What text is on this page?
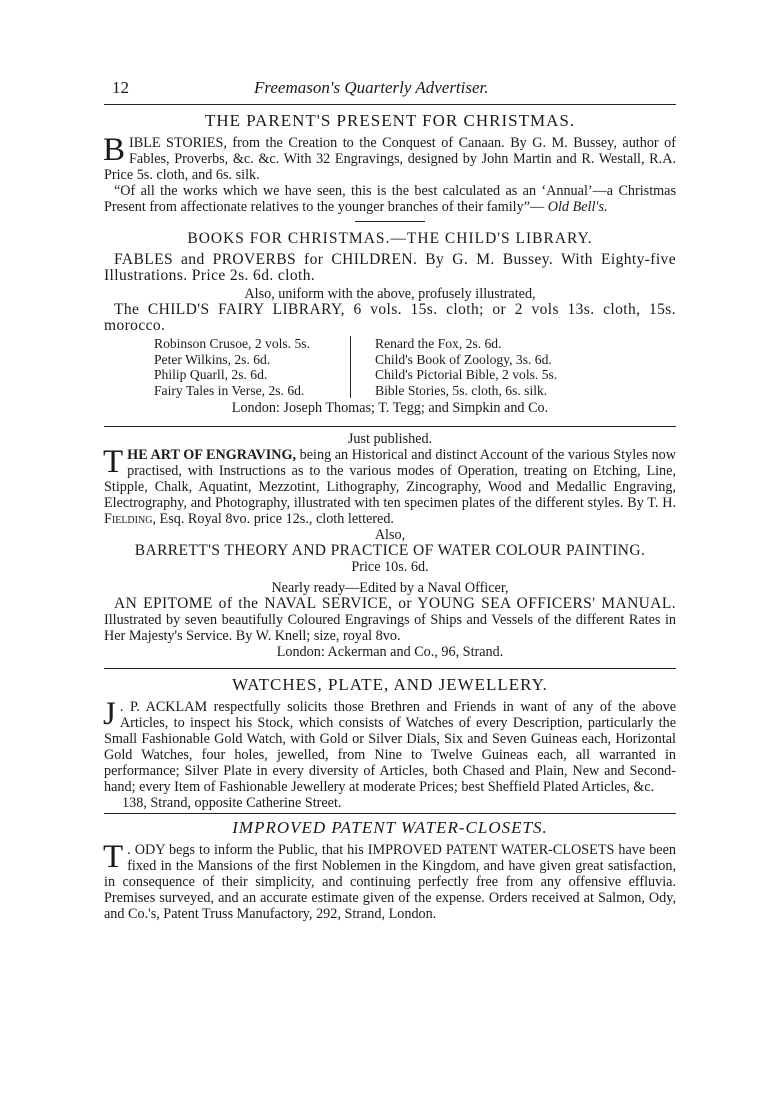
12	Freemason's Quarterly Advertiser.
THE PARENT'S PRESENT FOR CHRISTMAS.

BIBLE STORIES, from the Creation to the Conquest of Canaan. By G. M. Bussey, author of Fables, Proverbs, &c. &c. With 32 Engravings, designed by John Martin and R. Westall, R.A. Price 5s. cloth, and 6s. silk.

“Of all the works which we have seen, this is the best calculated as an ‘Annual’—a Christmas Present from affectionate relatives to the younger branches of their family”— Old Bell's.

BOOKS FOR CHRISTMAS.—THE CHILD'S LIBRARY.

FABLES and PROVERBS for CHILDREN. By G. M. Bussey. With Eighty-five Illustrations. Price 2s. 6d. cloth.

Also, uniform with the above, profusely illustrated,

The CHILD'S FAIRY LIBRARY, 6 vols. 15s. cloth; or 2 vols 13s. cloth, 15s. morocco.

Robinson Crusoe, 2 vols. 5s.
Peter Wilkins, 2s. 6d.
Philip Quarll, 2s. 6d.
Fairy Tales in Verse, 2s. 6d.
Renard the Fox, 2s. 6d.
Child's Book of Zoology, 3s. 6d.
Child's Pictorial Bible, 2 vols. 5s.
Bible Stories, 5s. cloth, 6s. silk.

London: Joseph Thomas; T. Tegg; and Simpkin and Co.

Just published.

THE ART OF ENGRAVING, being an Historical and distinct Account of the various Styles now practised, with Instructions as to the various modes of Operation, treating on Etching, Line, Stipple, Chalk, Aquatint, Mezzotint, Lithography, Zincography, Wood and Medallic Engraving, Electrography, and Photography, illustrated with ten specimen plates of the different styles. By T. H. Fielding, Esq. Royal 8vo. price 12s., cloth lettered.

Also,

BARRETT'S THEORY AND PRACTICE OF WATER COLOUR PAINTING.

Price 10s. 6d.

Nearly ready—Edited by a Naval Officer,

AN EPITOME of the NAVAL SERVICE, or YOUNG SEA OFFICERS' MANUAL. Illustrated by seven beautifully Coloured Engravings of Ships and Vessels of the different Rates in Her Majesty's Service. By W. Knell; size, royal 8vo.

London: Ackerman and Co., 96, Strand.

WATCHES, PLATE, AND JEWELLERY.

J . P. ACKLAM respectfully solicits those Brethren and Friends in want of any of the above Articles, to inspect his Stock, which consists of Watches of every Description, particularly the Small Fashionable Gold Watch, with Gold or Silver Dials, Six and Seven Guineas each, Horizontal Gold Watches, four holes, jewelled, from Nine to Twelve Guineas each, all warranted in performance; Silver Plate in every diversity of Articles, both Chased and Plain, New and Second-hand; every Item of Fashionable Jewellery at moderate Prices; best Sheffield Plated Articles, &c.

138, Strand, opposite Catherine Street.

IMPROVED PATENT WATER-CLOSETS.

T . ODY begs to inform the Public, that his IMPROVED PATENT WATER-CLOSETS have been fixed in the Mansions of the first Noblemen in the Kingdom, and have given great satisfaction, in consequence of their simplicity, and continuing perfectly free from any offensive effluvia. Premises surveyed, and an accurate estimate given of the expense. Orders received at Salmon, Ody, and Co.'s, Patent Truss Manufactory, 292, Strand, London.
